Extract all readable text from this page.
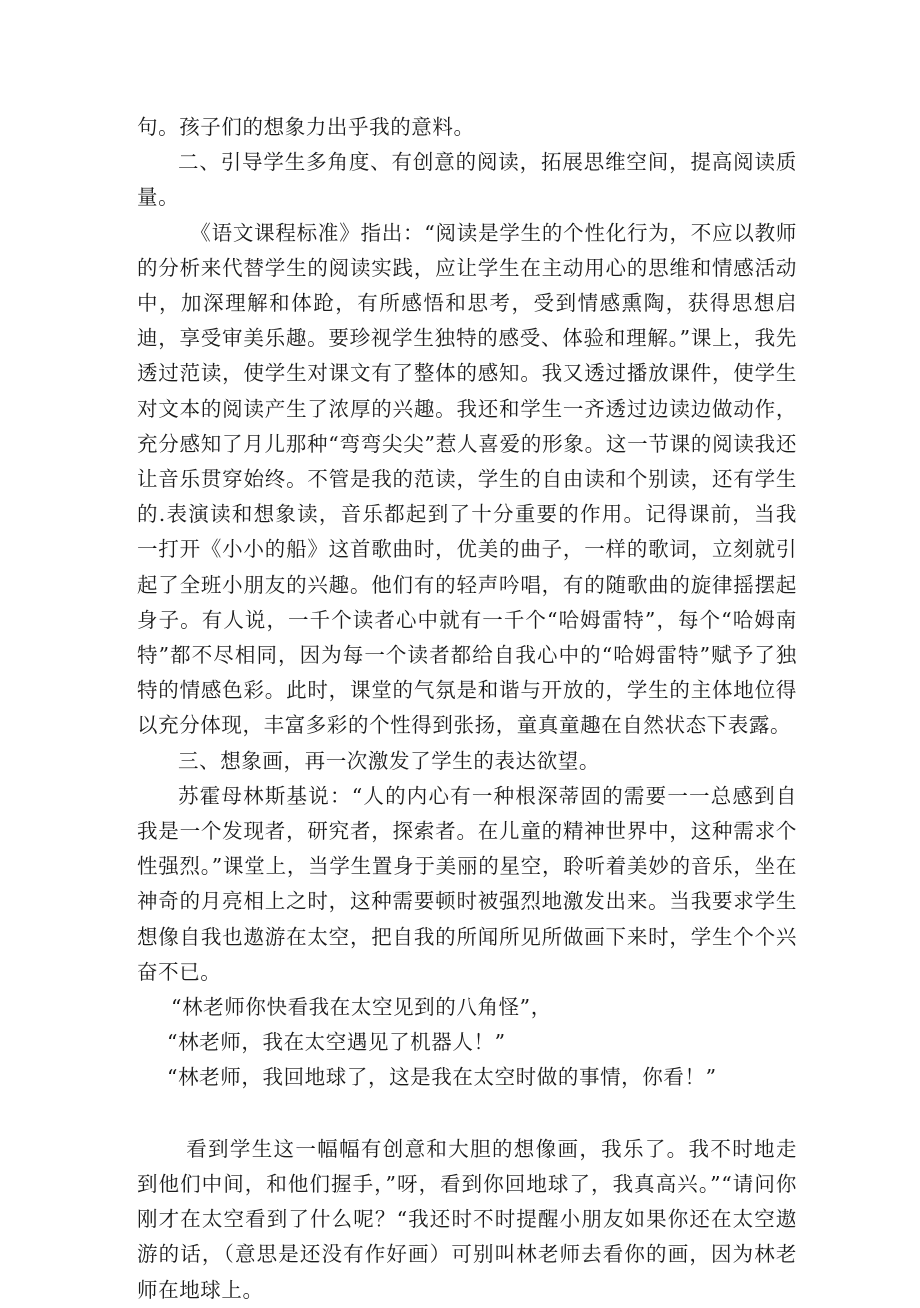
句。孩子们的想象力出乎我的意料。

二、引导学生多角度、有创意的阅读，拓展思维空间，提高阅读质量。

《语文课程标准》指出：“阅读是学生的个性化行为，不应以教师的分析来代替学生的阅读实践，应让学生在主动用心的思维和情感活动中，加深理解和体跄，有所感悟和思考，受到情感熏陶，获得思想启迪，享受审美乐趣。要珍视学生独特的感受、体验和理解。”课上，我先透过范读，使学生对课文有了整体的感知。我又透过播放课件，使学生对文本的阅读产生了浓厚的兴趣。我还和学生一齐透过边读边做动作，充分感知了月儿那种“弯弯尖尖”惹人喜爱的形象。这一节课的阅读我还让音乐贯穿始终。不管是我的范读，学生的自由读和个别读，还有学生的.表演读和想象读，音乐都起到了十分重要的作用。记得课前，当我一打开《小小的船》这首歌曲时，优美的曲子，一样的歌词，立刻就引起了全班小朋友的兴趣。他们有的轻声吟唱，有的随歌曲的旋律摇摆起身子。有人说，一千个读者心中就有一千个“哈姆雷特”，每个“哈姆南特”都不尽相同，因为每一个读者都给自我心中的“哈姆雷特”赋予了独特的情感色彩。此时，课堂的气氛是和谐与开放的，学生的主体地位得以充分体现，丰富多彩的个性得到张扬，童真童趣在自然状态下表露。

三、想象画，再一次激发了学生的表达欲望。

苏霍母林斯基说：“人的内心有一种根深蒂固的需要一一总感到自我是一个发现者，研究者，探索者。在儿童的精神世界中，这种需求个性强烈。”课堂上，当学生置身于美丽的星空，聆听着美妙的音乐，坐在神奇的月亮相上之时，这种需要顿时被强烈地激发出来。当我要求学生想像自我也遨游在太空，把自我的所闻所见所做画下来时，学生个个兴奋不已。

“林老师你快看我在太空见到的八角怪”，

“林老师，我在太空遇见了机器人！”

“林老师，我回地球了，这是我在太空时做的事情，你看！”

看到学生这一幅幅有创意和大胆的想像画，我乐了。我不时地走到他们中间，和他们握手，”呀，看到你回地球了，我真高兴。”“请问你刚才在太空看到了什么呢？“我还时不时提醒小朋友如果你还在太空遨游的话，（意思是还没有作好画）可别叫林老师去看你的画，因为林老师在地球上。
